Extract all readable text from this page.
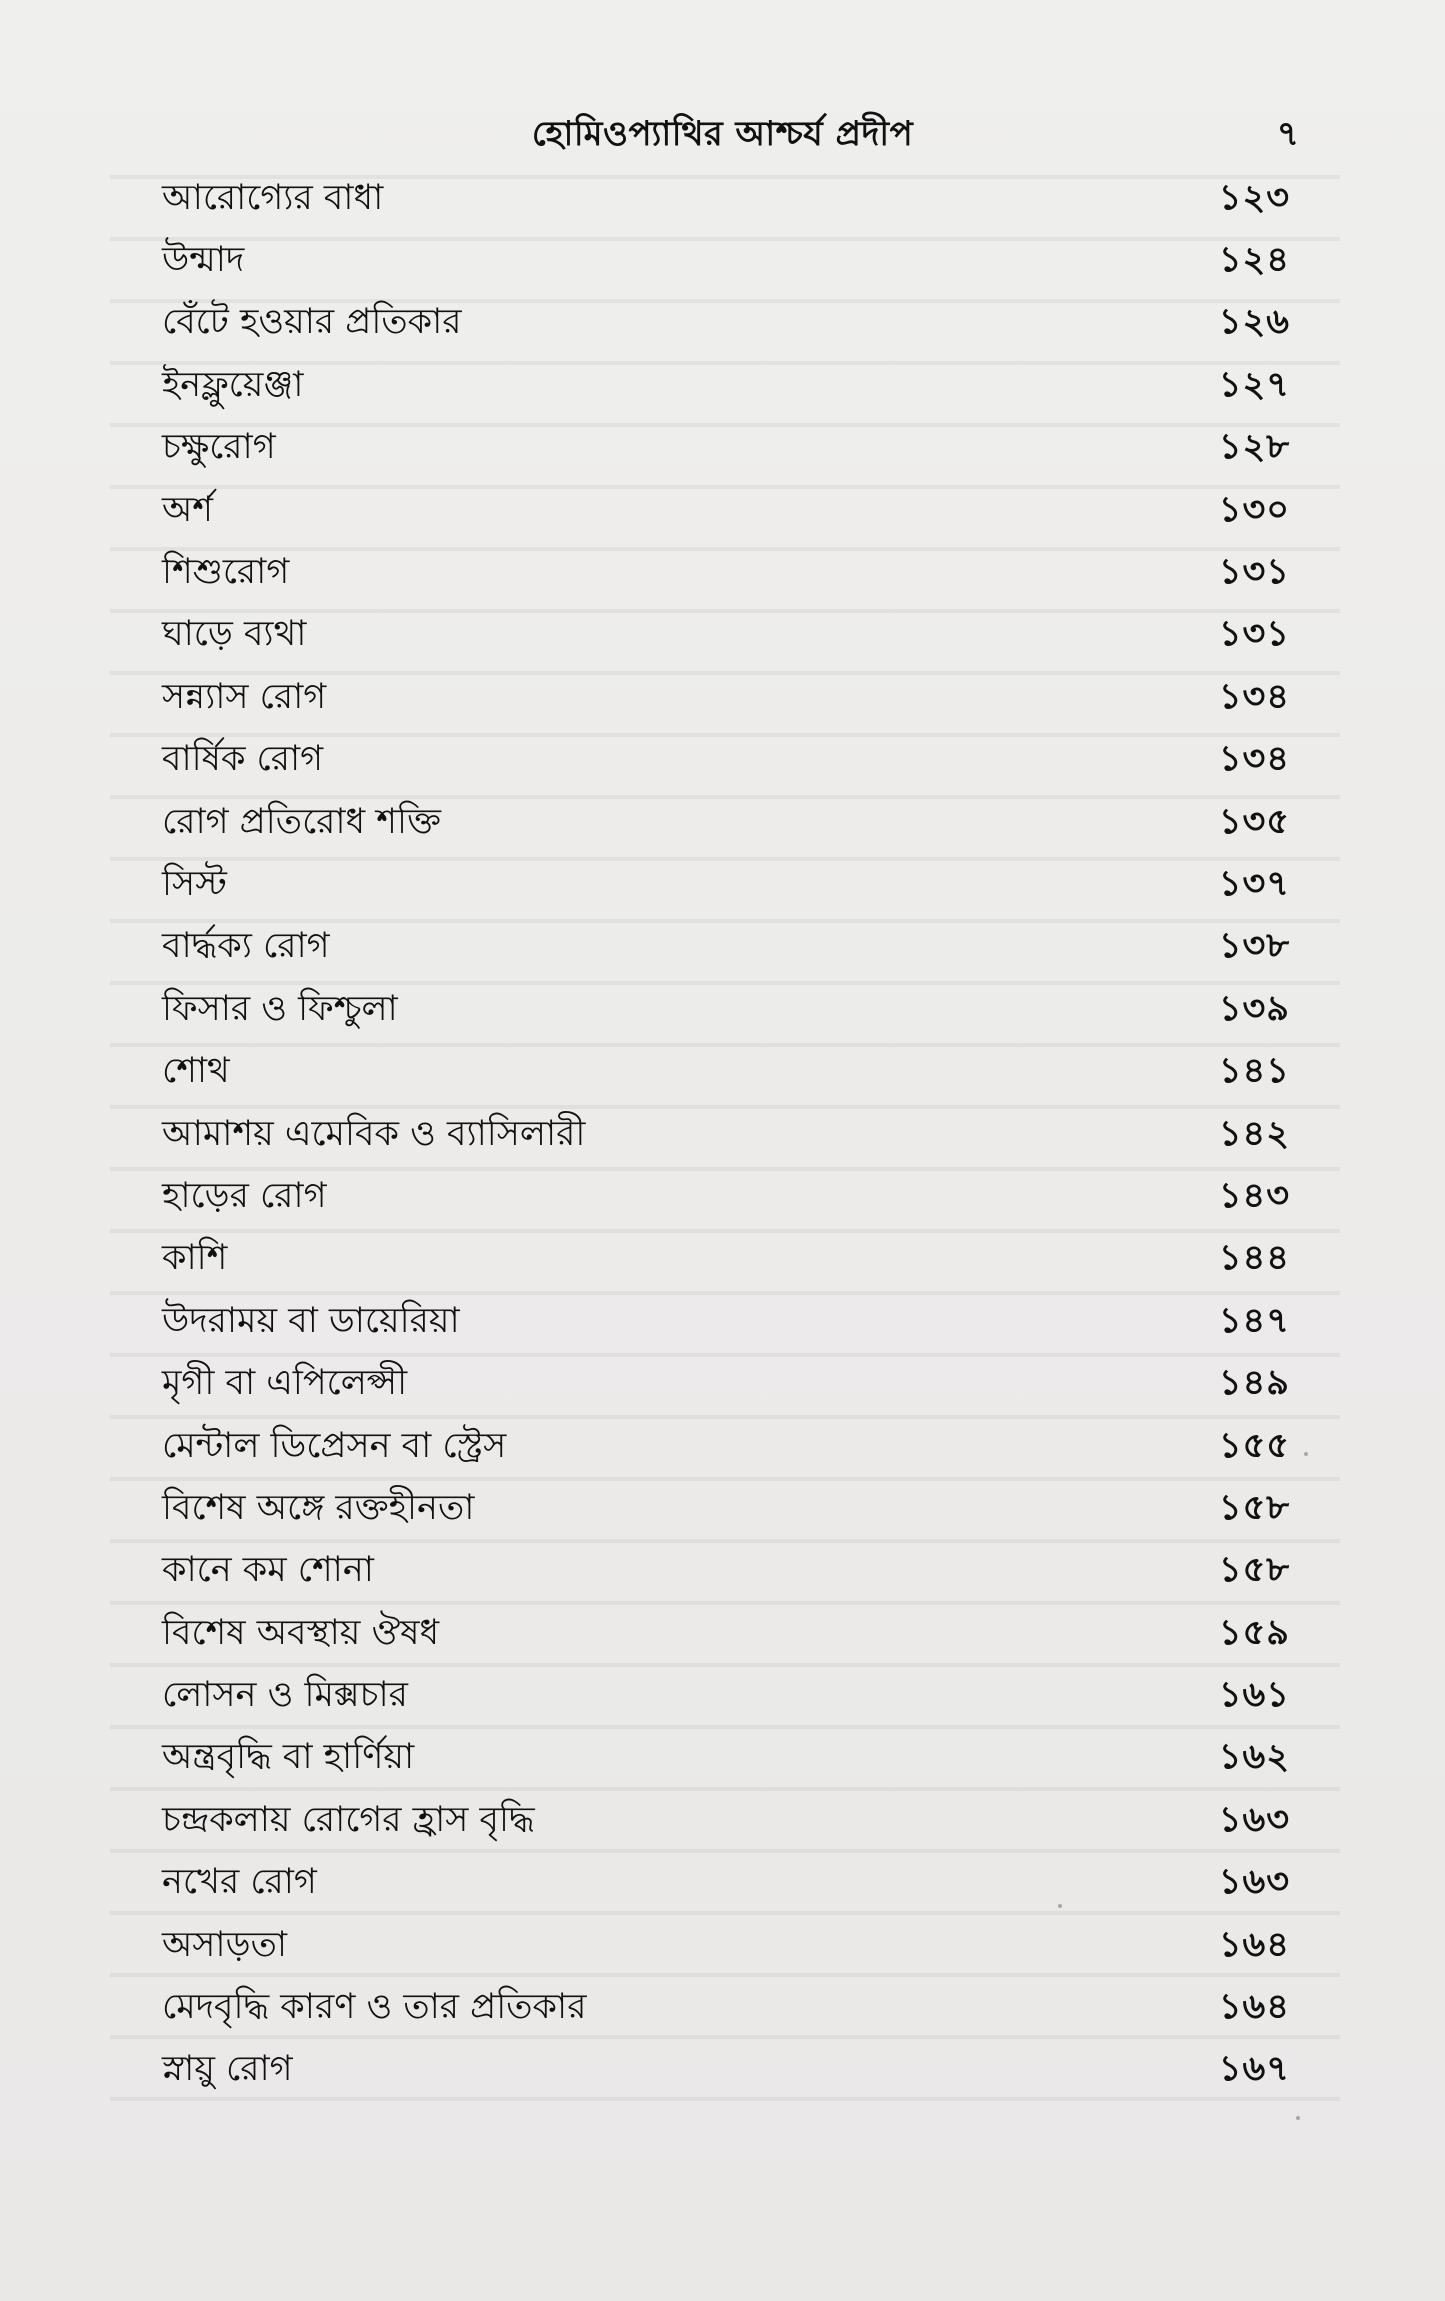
হোমিওপ্যাথির আশ্চর্য প্রদীপ	৭
আরোগ্যের বাধা	১২৩
উন্মাদ	১২৪
বেঁটে হওয়ার প্রতিকার	১২৬
ইনফ্লুয়েঞ্জা	১২৭
চক্ষুরোগ	১২৮
অর্শ	১৩০
শিশুরোগ	১৩১
ঘাড়ে ব্যথা	১৩১
সন্ন্যাস রোগ	১৩৪
বার্ষিক রোগ	১৩৪
রোগ প্রতিরোধ শক্তি	১৩৫
সিস্ট	১৩৭
বার্দ্ধক্য রোগ	১৩৮
ফিসার ও ফিশ্চুলা	১৩৯
শোথ	১৪১
আমাশয় এমেবিক ও ব্যাসিলারী	১৪২
হাড়ের রোগ	১৪৩
কাশি	১৪৪
উদরাময় বা ডায়েরিয়া	১৪৭
মৃগী বা এপিলেপ্সী	১৪৯
মেন্টাল ডিপ্রেসন বা স্ট্রেস	১৫৫
বিশেষ অঙ্গে রক্তহীনতা	১৫৮
কানে কম শোনা	১৫৮
বিশেষ অবস্থায় ঔষধ	১৫৯
লোসন ও মিক্সচার	১৬১
অন্ত্রবৃদ্ধি বা হার্ণিয়া	১৬২
চন্দ্রকলায় রোগের হ্রাস বৃদ্ধি	১৬৩
নখের রোগ	১৬৩
অসাড়তা	১৬৪
মেদবৃদ্ধি কারণ ও তার প্রতিকার	১৬৪
স্নায়ু রোগ	১৬৭
